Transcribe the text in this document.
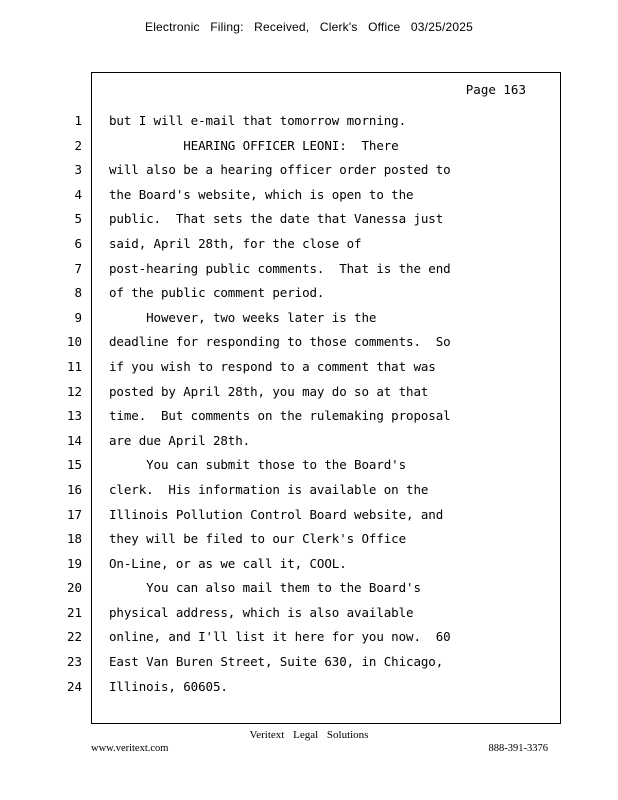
Electronic Filing: Received, Clerk's Office 03/25/2025
Page 163
1
2
3
4
5
6
7
8
9
10
11
12
13
14
15
16
17
18
19
20
21
22
23
24
but I will e-mail that tomorrow morning.
HEARING OFFICER LEONI:  There
will also be a hearing officer order posted to
the Board's website, which is open to the
public.  That sets the date that Vanessa just
said, April 28th, for the close of
post-hearing public comments.  That is the end
of the public comment period.
However, two weeks later is the
deadline for responding to those comments.  So
if you wish to respond to a comment that was
posted by April 28th, you may do so at that
time.  But comments on the rulemaking proposal
are due April 28th.
You can submit those to the Board's
clerk.  His information is available on the
Illinois Pollution Control Board website, and
they will be filed to our Clerk's Office
On-Line, or as we call it, COOL.
You can also mail them to the Board's
physical address, which is also available
online, and I'll list it here for you now.  60
East Van Buren Street, Suite 630, in Chicago,
Illinois, 60605.
Veritext Legal Solutions
www.veritext.com	888-391-3376
